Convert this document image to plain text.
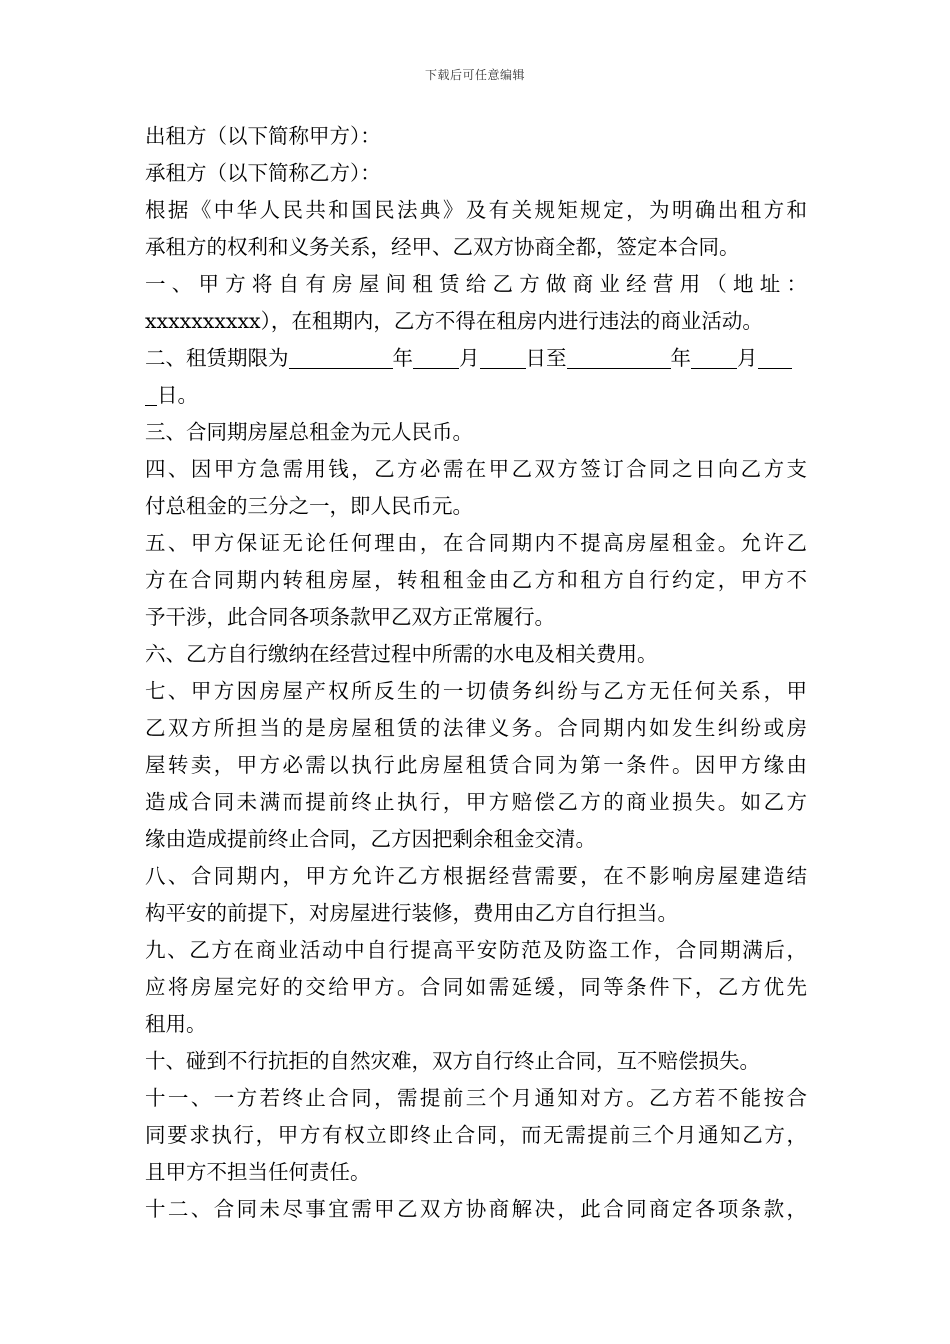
下载后可任意编辑
出租方（以下简称甲方）：
承租方（以下简称乙方）：
根据《中华人民共和国民法典》及有关规矩规定，为明确出租方和
承租方的权利和义务关系，经甲、乙双方协商全都，签定本合同。
一、甲方将自有房屋间租赁给乙方做商业经营用（地址：
xxxxxxxxxx），在租期内，乙方不得在租房内进行违法的商业活动。
二、租赁期限为	年 月 日至	年 月
日。
三、合同期房屋总租金为元人民币。
四、因甲方急需用钱，乙方必需在甲乙双方签订合同之日向乙方支
付总租金的三分之一，即人民币元。
五、甲方保证无论任何理由，在合同期内不提高房屋租金。允许乙
方在合同期内转租房屋，转租租金由乙方和租方自行约定，甲方不
予干涉，此合同各项条款甲乙双方正常履行。
六、乙方自行缴纳在经营过程中所需的水电及相关费用。
七、甲方因房屋产权所反生的一切债务纠纷与乙方无任何关系，甲
乙双方所担当的是房屋租赁的法律义务。合同期内如发生纠纷或房
屋转卖，甲方必需以执行此房屋租赁合同为第一条件。因甲方缘由
造成合同未满而提前终止执行，甲方赔偿乙方的商业损失。如乙方
缘由造成提前终止合同，乙方因把剩余租金交清。
八、合同期内，甲方允许乙方根据经营需要，在不影响房屋建造结
构平安的前提下，对房屋进行装修，费用由乙方自行担当。
九、乙方在商业活动中自行提高平安防范及防盗工作，合同期满后，
应将房屋完好的交给甲方。合同如需延缓，同等条件下，乙方优先
租用。
十、碰到不行抗拒的自然灾难，双方自行终止合同，互不赔偿损失。
十一、一方若终止合同，需提前三个月通知对方。乙方若不能按合
同要求执行，甲方有权立即终止合同，而无需提前三个月通知乙方，
且甲方不担当任何责任。
十二、合同未尽事宜需甲乙双方协商解决，此合同商定各项条款，
